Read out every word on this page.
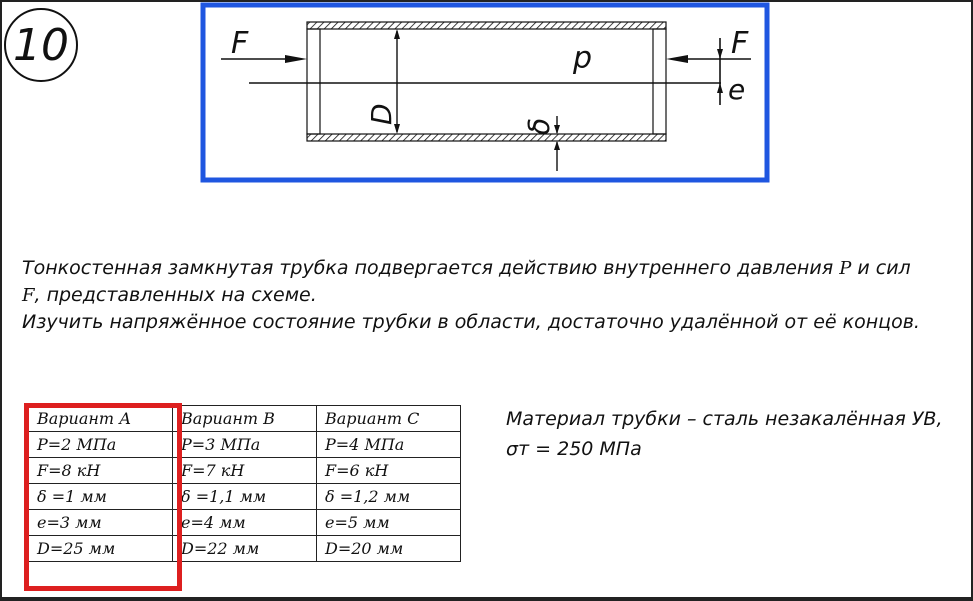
10	F	F
p
e
D
δ
Тонкостенная замкнутая трубка подвергается действию внутреннего давления P и сил
F, представленных на схеме.
Изучить напряжённое состояние трубки в области, достаточно удалённой от её концов.
Вариант А	Вариант В	Вариант С
P=2 МПа	P=3 МПа	P=4 МПа
F=8 кН	F=7 кН	F=6 кН
δ =1 мм	δ =1,1 мм	δ =1,2 мм
e=3 мм	e=4 мм	e=5 мм
D=25 мм	D=22 мм	D=20 мм
Материал трубки – сталь незакалённая УВ,
σт = 250 МПа
